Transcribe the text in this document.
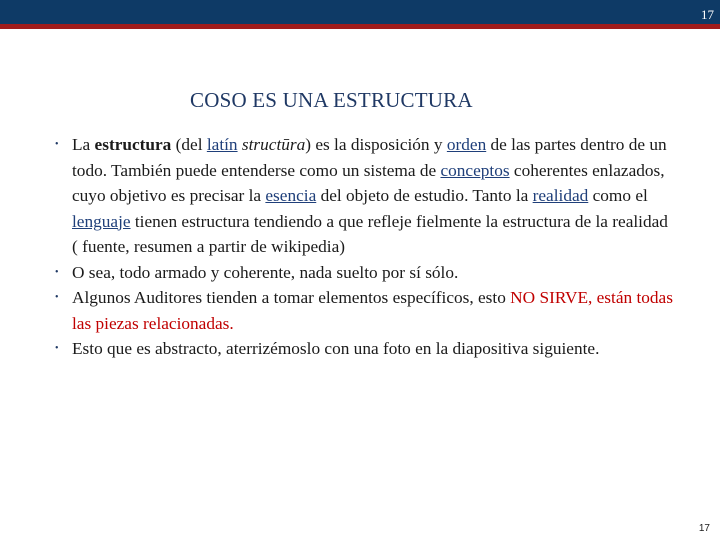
17
COSO ES UNA ESTRUCTURA
• La estructura (del latín structūra) es la disposición y orden de las partes dentro de un todo. También puede entenderse como un sistema de conceptos coherentes enlazados, cuyo objetivo es precisar la esencia del objeto de estudio. Tanto la realidad como el lenguaje tienen estructura tendiendo a que refleje fielmente la estructura de la realidad ( fuente, resumen a partir de wikipedia)
• O sea, todo armado y coherente, nada suelto por sí sólo.
• Algunos Auditores tienden a tomar elementos específicos, esto NO SIRVE, están todas las piezas relacionadas.
• Esto que es abstracto, aterrizémoslo con una foto en la diapositiva siguiente.
17
